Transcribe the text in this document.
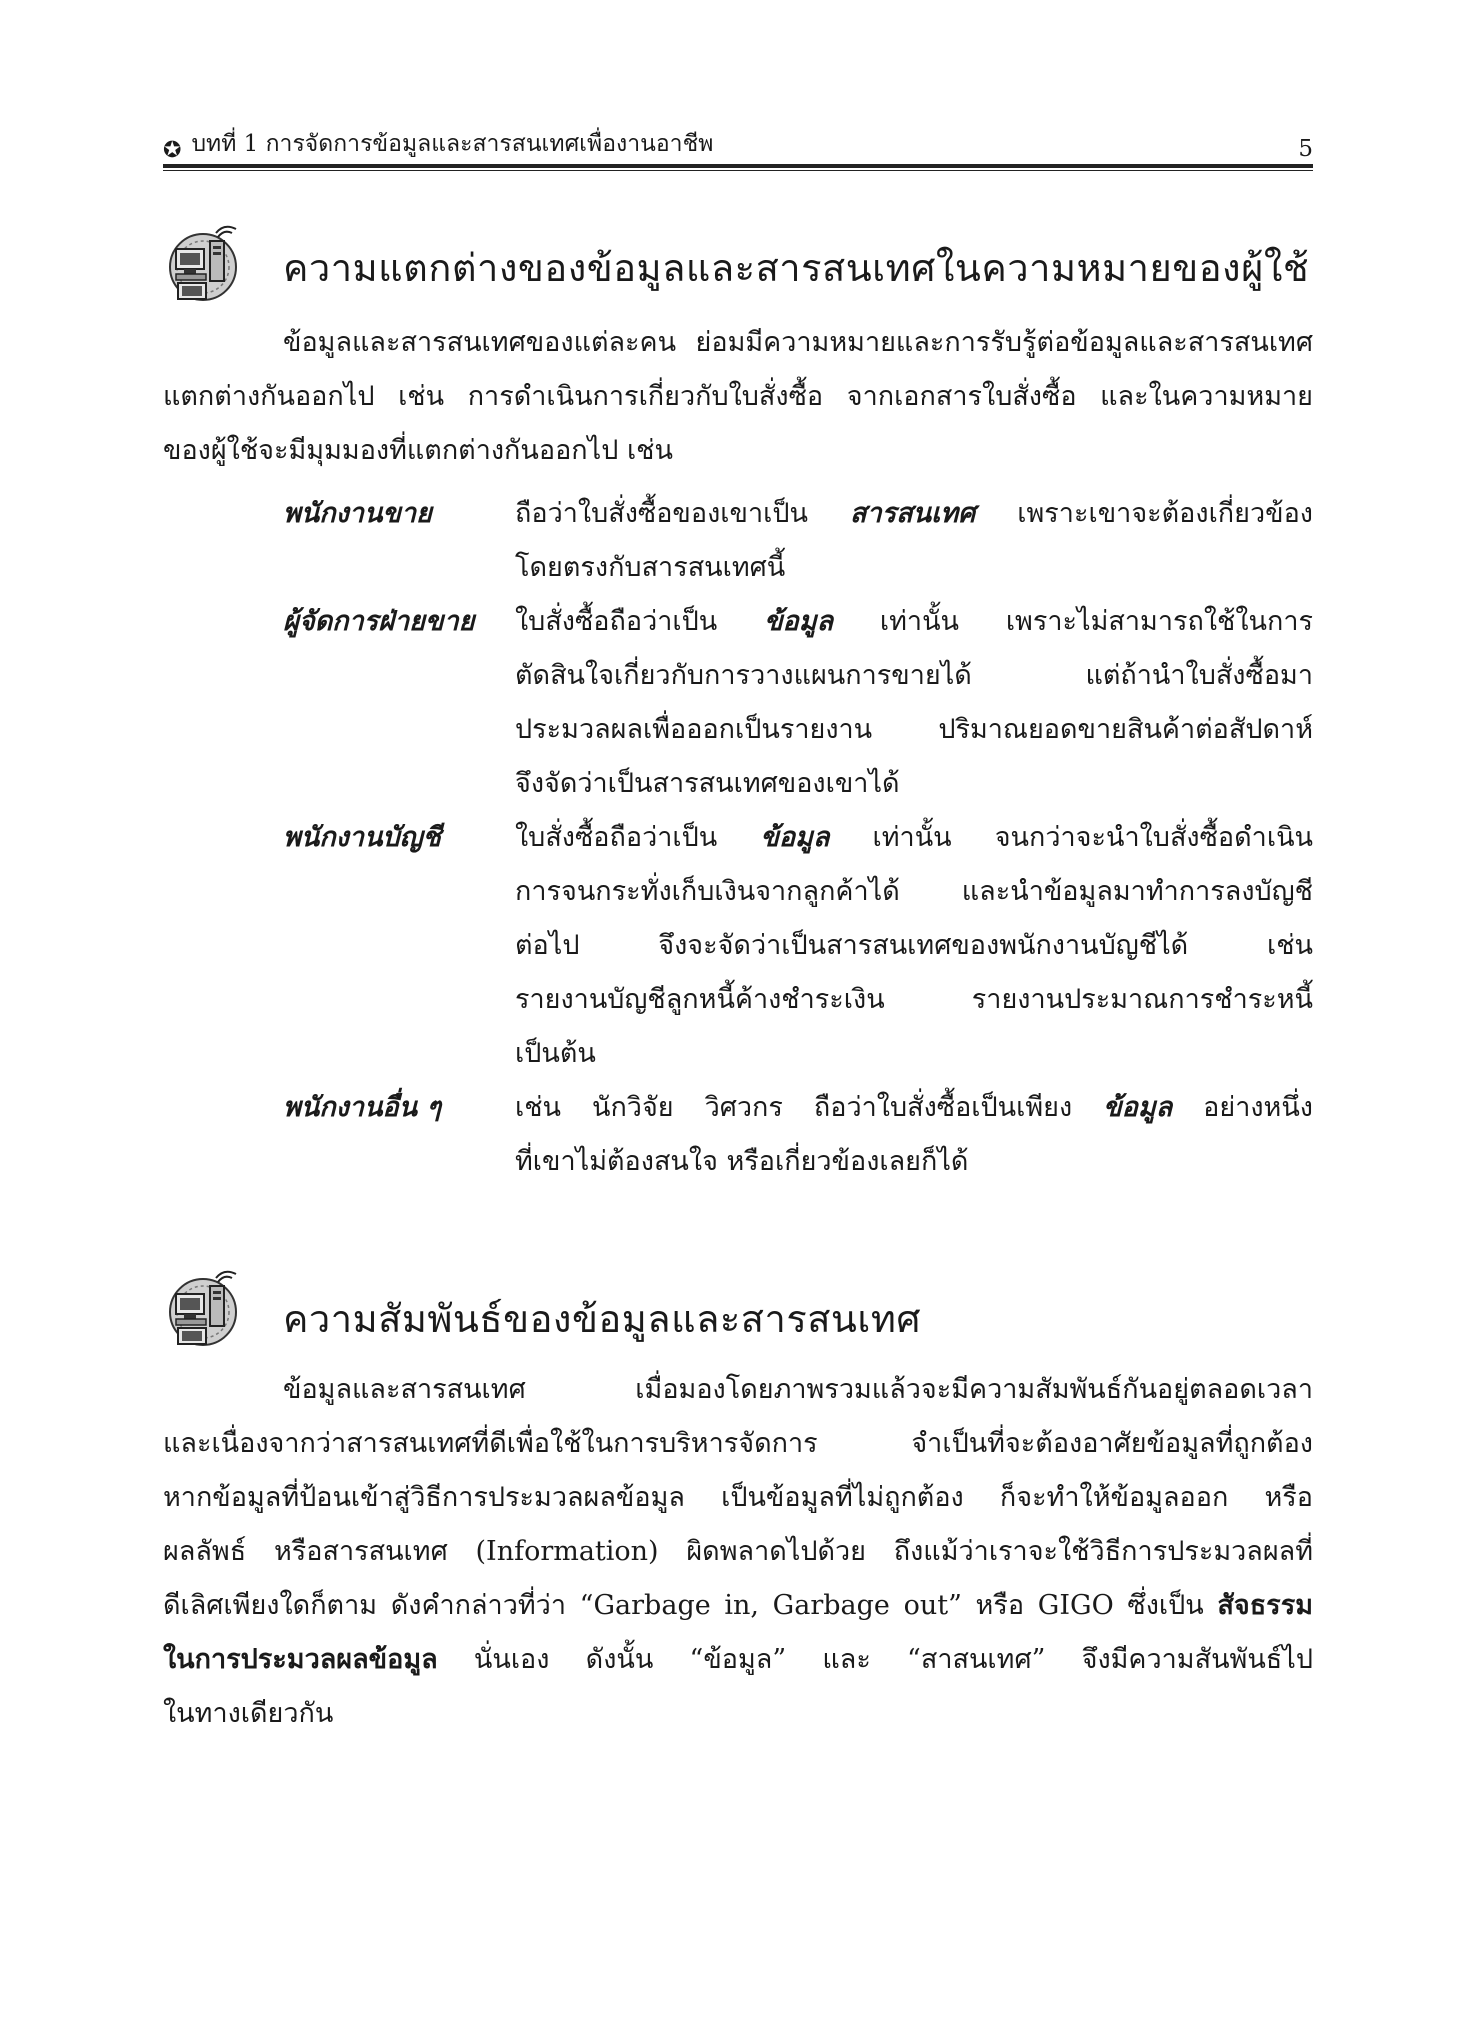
✪ บทที่ 1 การจัดการข้อมูลและสารสนเทศเพื่องานอาชีพ	5
ความแตกต่างของข้อมูลและสารสนเทศในความหมายของผู้ใช้
ข้อมูลและสารสนเทศของแต่ละคน ย่อมมีความหมายและการรับรู้ต่อข้อมูลและสารสนเทศ
แตกต่างกันออกไป เช่น การดำเนินการเกี่ยวกับใบสั่งซื้อ จากเอกสารใบสั่งซื้อ และในความหมาย
ของผู้ใช้จะมีมุมมองที่แตกต่างกันออกไป เช่น
พนักงานขาย	ถือว่าใบสั่งซื้อของเขาเป็น สารสนเทศ เพราะเขาจะต้องเกี่ยวข้อง
โดยตรงกับสารสนเทศนี้
ผู้จัดการฝ่ายขาย	ใบสั่งซื้อถือว่าเป็น ข้อมูล เท่านั้น เพราะไม่สามารถใช้ในการ
ตัดสินใจเกี่ยวกับการวางแผนการขายได้ แต่ถ้านำใบสั่งซื้อมา
ประมวลผลเพื่อออกเป็นรายงาน ปริมาณยอดขายสินค้าต่อสัปดาห์
จึงจัดว่าเป็นสารสนเทศของเขาได้
พนักงานบัญชี	ใบสั่งซื้อถือว่าเป็น ข้อมูล เท่านั้น จนกว่าจะนำใบสั่งซื้อดำเนิน
การจนกระทั่งเก็บเงินจากลูกค้าได้ และนำข้อมูลมาทำการลงบัญชี
ต่อไป จึงจะจัดว่าเป็นสารสนเทศของพนักงานบัญชีได้ เช่น
รายงานบัญชีลูกหนี้ค้างชำระเงิน รายงานประมาณการชำระหนี้
เป็นต้น
พนักงานอื่น ๆ	เช่น นักวิจัย วิศวกร ถือว่าใบสั่งซื้อเป็นเพียง ข้อมูล อย่างหนึ่ง
ที่เขาไม่ต้องสนใจ หรือเกี่ยวข้องเลยก็ได้
ความสัมพันธ์ของข้อมูลและสารสนเทศ
ข้อมูลและสารสนเทศ เมื่อมองโดยภาพรวมแล้วจะมีความสัมพันธ์กันอยู่ตลอดเวลา
และเนื่องจากว่าสารสนเทศที่ดีเพื่อใช้ในการบริหารจัดการ จำเป็นที่จะต้องอาศัยข้อมูลที่ถูกต้อง
หากข้อมูลที่ป้อนเข้าสู่วิธีการประมวลผลข้อมูล เป็นข้อมูลที่ไม่ถูกต้อง ก็จะทำให้ข้อมูลออก หรือ
ผลลัพธ์ หรือสารสนเทศ (Information) ผิดพลาดไปด้วย ถึงแม้ว่าเราจะใช้วิธีการประมวลผลที่
ดีเลิศเพียงใดก็ตาม ดังคำกล่าวที่ว่า “Garbage in, Garbage out” หรือ GIGO ซึ่งเป็น สัจธรรม
ในการประมวลผลข้อมูล นั่นเอง ดังนั้น “ข้อมูล” และ “สาสนเทศ” จึงมีความสันพันธ์ไป
ในทางเดียวกัน
